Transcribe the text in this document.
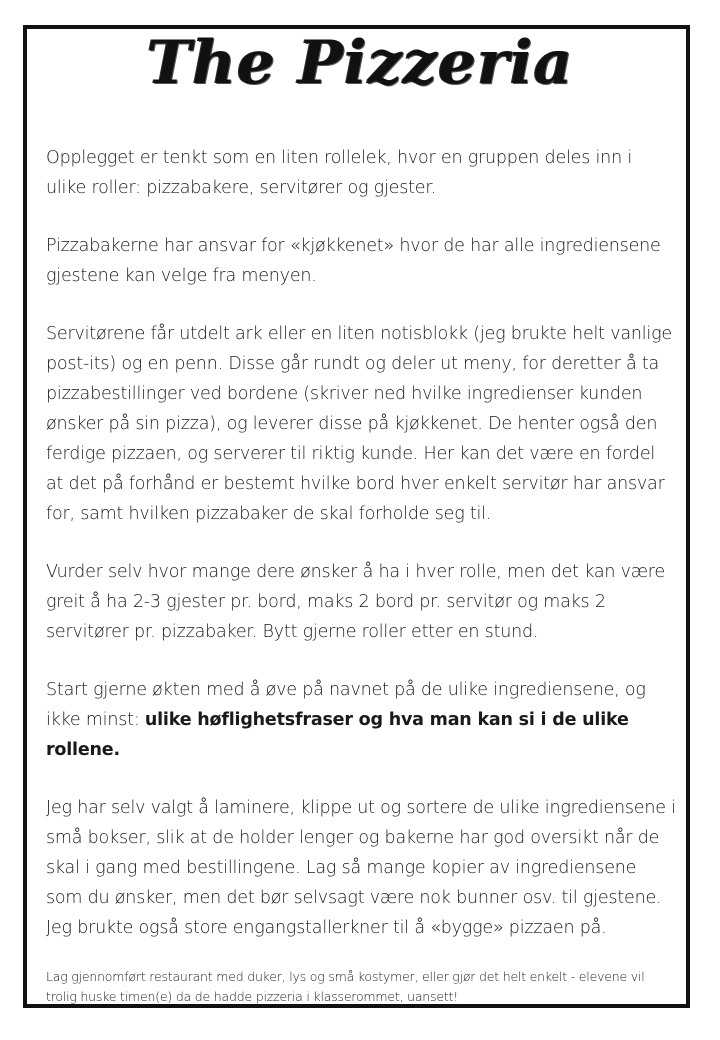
The Pizzeria

Opplegget er tenkt som en liten rollelek, hvor en gruppen deles inn i ulike roller: pizzabakere, servitører og gjester.

Pizzabakerne har ansvar for «kjøkkenet» hvor de har alle ingrediensene gjestene kan velge fra menyen.

Servitørene får utdelt ark eller en liten notisblokk (jeg brukte helt vanlige post-its) og en penn. Disse går rundt og deler ut meny, for deretter å ta pizzabestillinger ved bordene (skriver ned hvilke ingredienser kunden ønsker på sin pizza), og leverer disse på kjøkkenet. De henter også den ferdige pizzaen, og serverer til riktig kunde. Her kan det være en fordel at det på forhånd er bestemt hvilke bord hver enkelt servitør har ansvar for, samt hvilken pizzabaker de skal forholde seg til.

Vurder selv hvor mange dere ønsker å ha i hver rolle, men det kan være greit å ha 2-3 gjester pr. bord, maks 2 bord pr. servitør og maks 2 servitører pr. pizzabaker. Bytt gjerne roller etter en stund.

Start gjerne økten med å øve på navnet på de ulike ingrediensene, og ikke minst: ulike høflighetsfraser og hva man kan si i de ulike rollene.

Jeg har selv valgt å laminere, klippe ut og sortere de ulike ingrediensene i små bokser, slik at de holder lenger og bakerne har god oversikt når de skal i gang med bestillingene. Lag så mange kopier av ingrediensene som du ønsker, men det bør selvsagt være nok bunner osv. til gjestene. Jeg brukte også store engangstallerkner til å «bygge» pizzaen på.

Lag gjennomført restaurant med duker, lys og små kostymer, eller gjør det helt enkelt - elevene vil trolig huske timen(e) da de hadde pizzeria i klasserommet, uansett!
